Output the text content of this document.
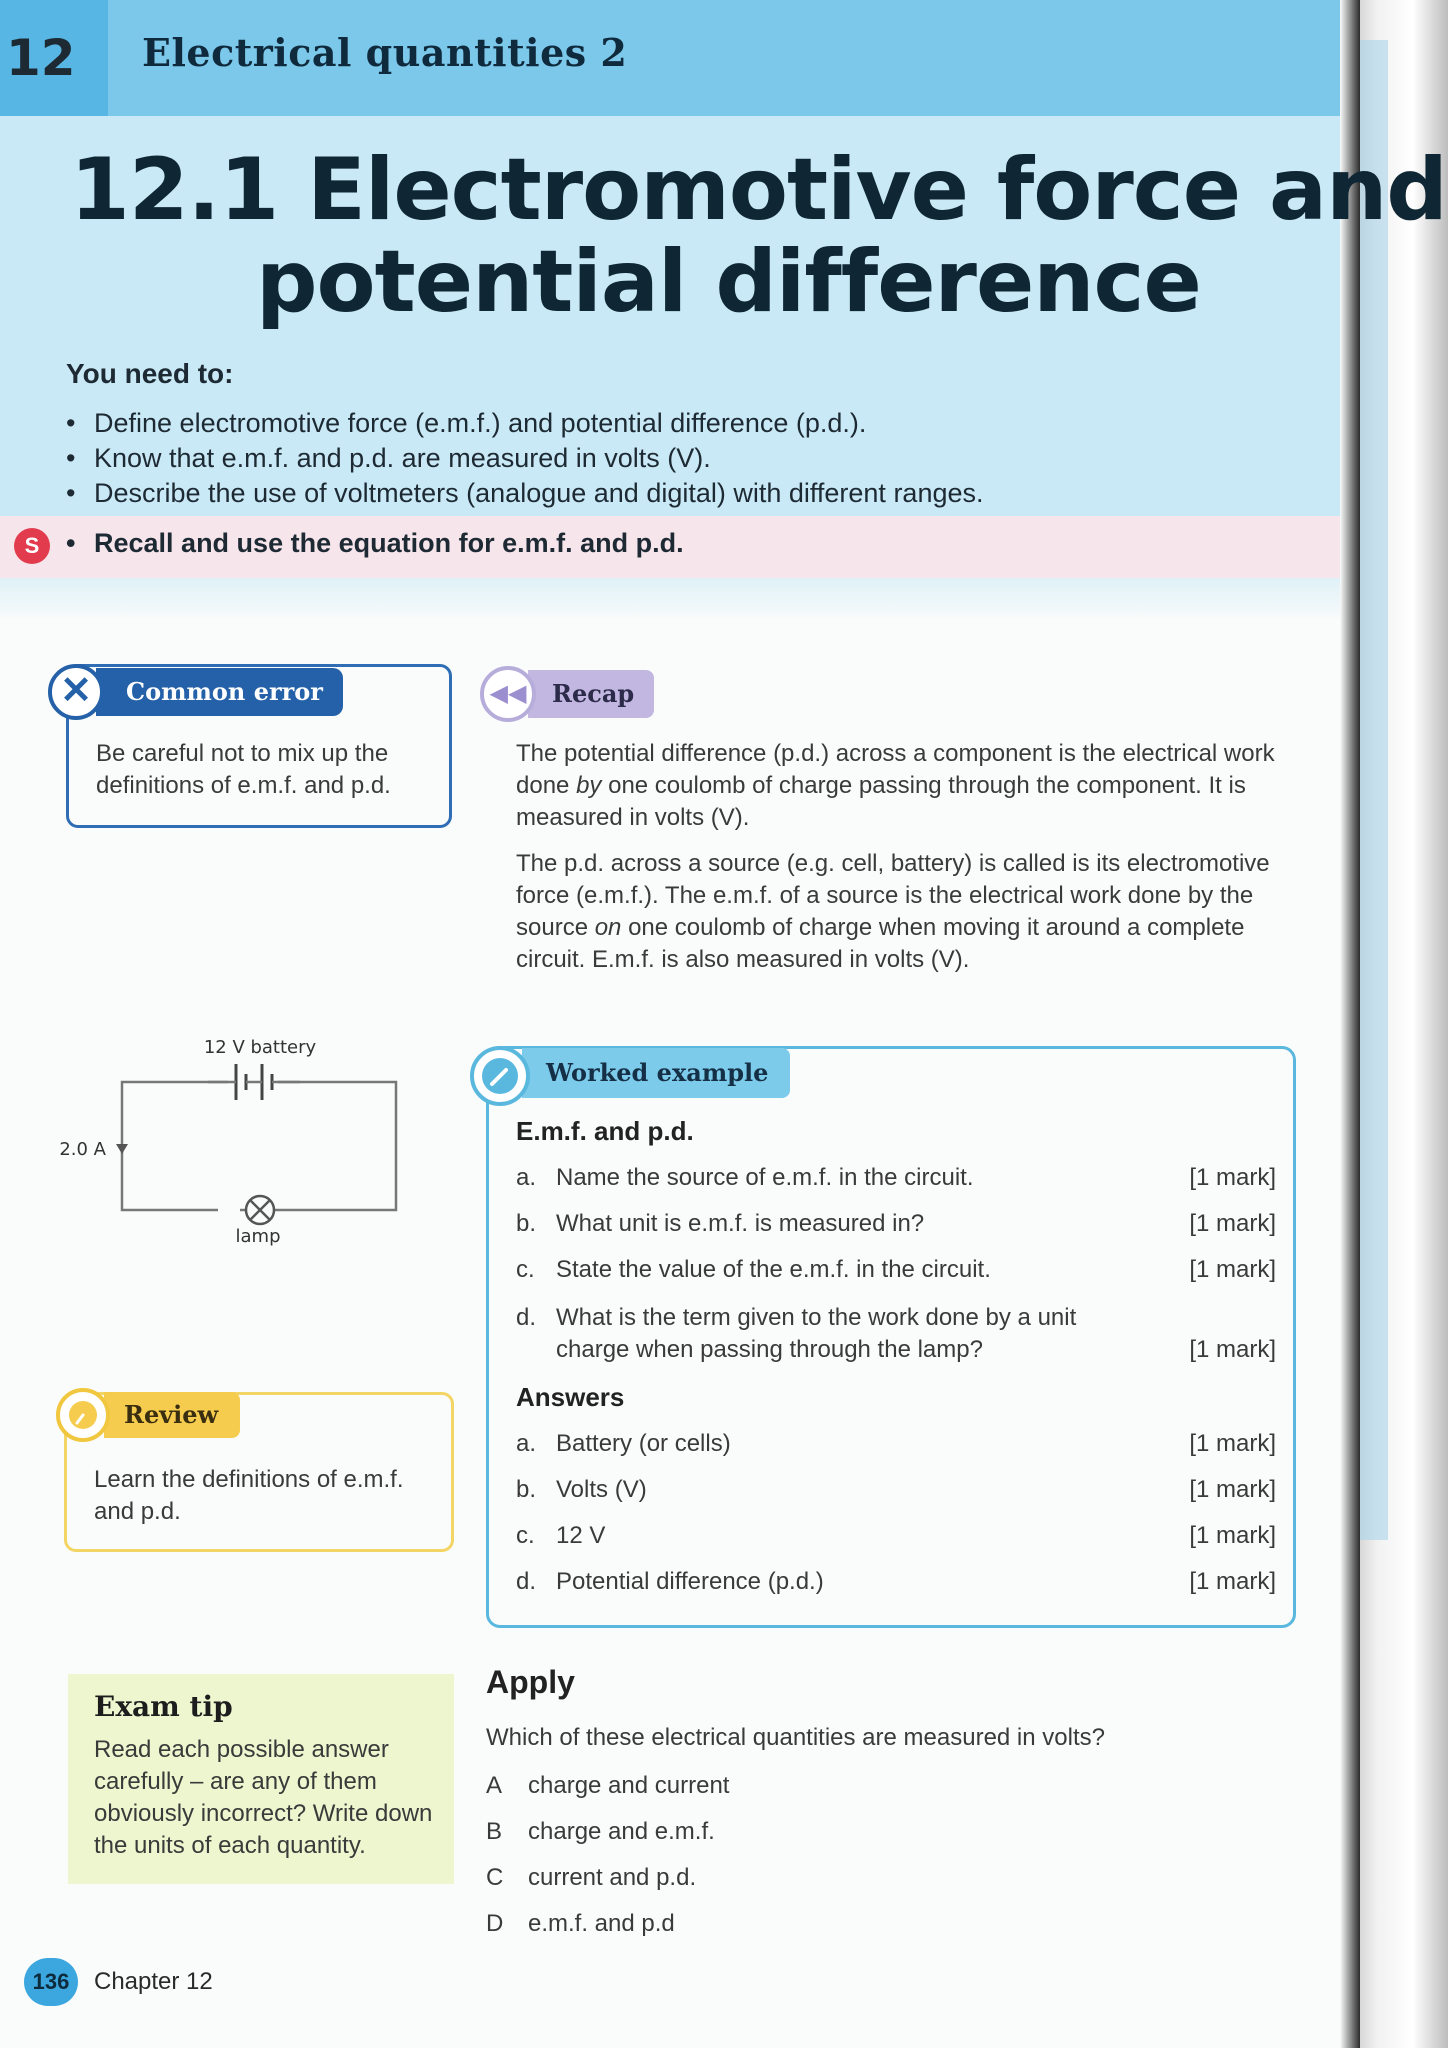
12	Electrical quantities 2
12.1 Electromotive force and
potential difference
You need to:
• Define electromotive force (e.m.f.) and potential difference (p.d.).
• Know that e.m.f. and p.d. are measured in volts (V).
• Describe the use of voltmeters (analogue and digital) with different ranges.
S • Recall and use the equation for e.m.f. and p.d.
Common error
✕
Be careful not to mix up the definitions of e.m.f. and p.d.
Recap
◀◀
The potential difference (p.d.) across a component is the electrical work done by one coulomb of charge passing through the component. It is measured in volts (V).
The p.d. across a source (e.g. cell, battery) is called is its electromotive force (e.m.f.). The e.m.f. of a source is the electrical work done by the source on one coulomb of charge when moving it around a complete circuit. E.m.f. is also measured in volts (V).
12 V battery
2.0 A
lamp
Worked example
E.m.f. and p.d.
a. Name the source of e.m.f. in the circuit.	[1 mark]
b. What unit is e.m.f. is measured in?	[1 mark]
c. State the value of the e.m.f. in the circuit.	[1 mark]
d. What is the term given to the work done by a unit charge when passing through the lamp?	[1 mark]
Answers
a. Battery (or cells)	[1 mark]
b. Volts (V)	[1 mark]
c. 12 V	[1 mark]
d. Potential difference (p.d.)	[1 mark]
Review
Learn the definitions of e.m.f. and p.d.
Exam tip
Read each possible answer carefully – are any of them obviously incorrect? Write down the units of each quantity.
Apply
Which of these electrical quantities are measured in volts?
A charge and current
B charge and e.m.f.
C current and p.d.
D e.m.f. and p.d
136	Chapter 12
